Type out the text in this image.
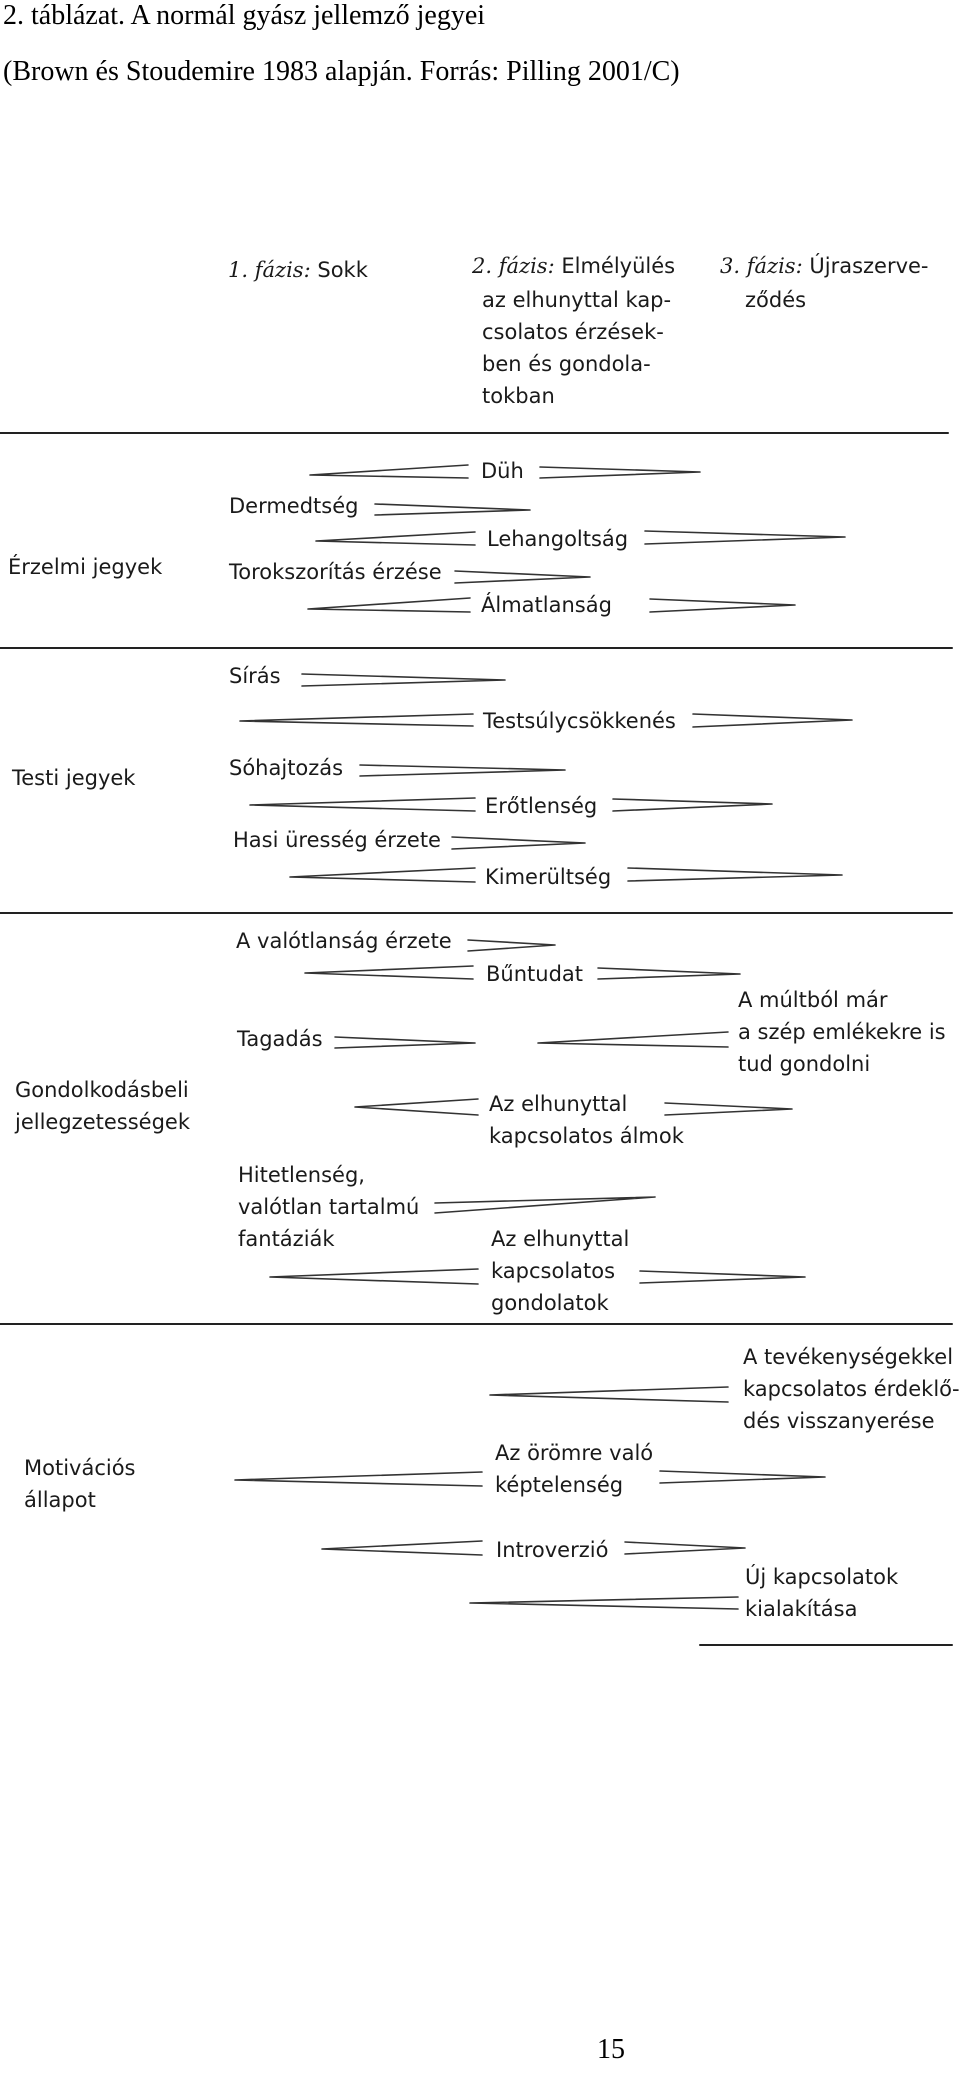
2. táblázat. A normál gyász jellemző jegyei
(Brown és Stoudemire 1983 alapján. Forrás: Pilling 2001/C)
1. fázis: Sokk	2. fázis: Elmélyülés
az elhunyttal kap-
csolatos érzések-
ben és gondola-
tokban
3. fázis: Újraszerve-
ződés
Érzelmi jegyek
Testi jegyek
Gondolkodásbeli
jellegzetességek
Motivációs
állapot
Düh
Dermedtség
Lehangoltság
Torokszorítás érzése
Álmatlanság
Sírás
Testsúlycsökkenés
Sóhajtozás
Erőtlenség
Hasi üresség érzete
Kimerültség
A valótlanság érzete
Bűntudat
A múltból már
a szép emlékekre is
tud gondolni
Tagadás
Az elhunyttal
kapcsolatos álmok
Hitetlenség,
valótlan tartalmú
fantáziák	Az elhunyttal
kapcsolatos
gondolatok
A tevékenységekkel
kapcsolatos érdeklő-
dés visszanyerése
Az örömre való
képtelenség
Introverzió
Új kapcsolatok
kialakítása
15
